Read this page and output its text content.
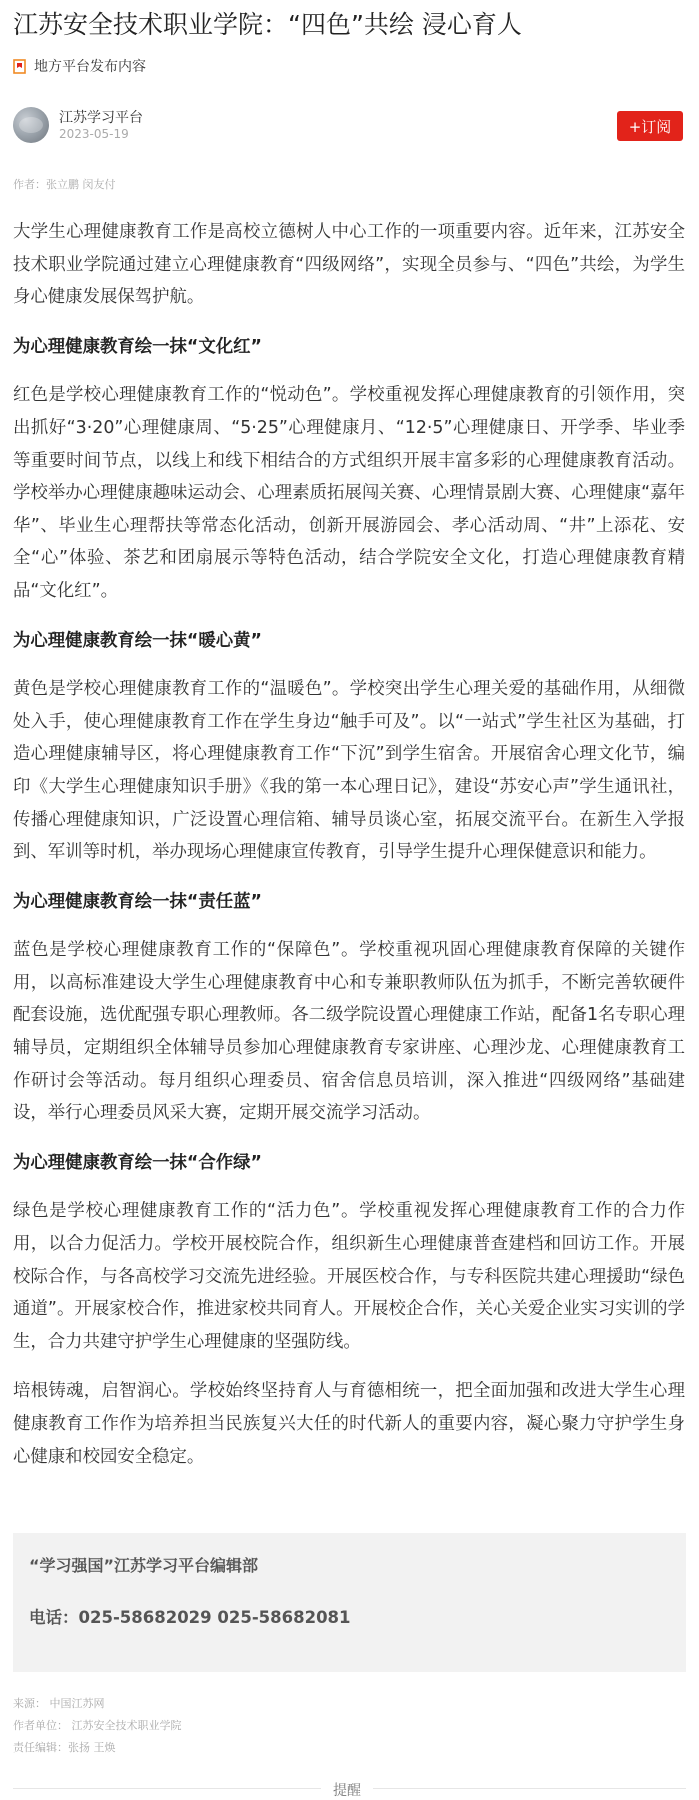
江苏安全技术职业学院：“四色”共绘 浸心育人
地方平台发布内容
江苏学习平台
2023-05-19	+订阅
作者：张立鹏 闵友付

大学生心理健康教育工作是高校立德树人中心工作的一项重要内容。近年来，江苏安全技术职业学院通过建立心理健康教育“四级网络”，实现全员参与、“四色”共绘，为学生身心健康发展保驾护航。

为心理健康教育绘一抹“文化红”

红色是学校心理健康教育工作的“悦动色”。学校重视发挥心理健康教育的引领作用，突出抓好“3·20”心理健康周、“5·25”心理健康月、“12·5”心理健康日、开学季、毕业季等重要时间节点，以线上和线下相结合的方式组织开展丰富多彩的心理健康教育活动。学校举办心理健康趣味运动会、心理素质拓展闯关赛、心理情景剧大赛、心理健康“嘉年华”、毕业生心理帮扶等常态化活动，创新开展游园会、孝心活动周、“井”上添花、安全“心”体验、茶艺和团扇展示等特色活动，结合学院安全文化，打造心理健康教育精品“文化红”。

为心理健康教育绘一抹“暖心黄”

黄色是学校心理健康教育工作的“温暖色”。学校突出学生心理关爱的基础作用，从细微处入手，使心理健康教育工作在学生身边“触手可及”。以“一站式”学生社区为基础，打造心理健康辅导区，将心理健康教育工作“下沉”到学生宿舍。开展宿舍心理文化节，编印《大学生心理健康知识手册》《我的第一本心理日记》，建设“苏安心声”学生通讯社，传播心理健康知识，广泛设置心理信箱、辅导员谈心室，拓展交流平台。在新生入学报到、军训等时机，举办现场心理健康宣传教育，引导学生提升心理保健意识和能力。

为心理健康教育绘一抹“责任蓝”

蓝色是学校心理健康教育工作的“保障色”。学校重视巩固心理健康教育保障的关键作用，以高标准建设大学生心理健康教育中心和专兼职教师队伍为抓手，不断完善软硬件配套设施，选优配强专职心理教师。各二级学院设置心理健康工作站，配备1名专职心理辅导员，定期组织全体辅导员参加心理健康教育专家讲座、心理沙龙、心理健康教育工作研讨会等活动。每月组织心理委员、宿舍信息员培训，深入推进“四级网络”基础建设，举行心理委员风采大赛，定期开展交流学习活动。

为心理健康教育绘一抹“合作绿”

绿色是学校心理健康教育工作的“活力色”。学校重视发挥心理健康教育工作的合力作用，以合力促活力。学校开展校院合作，组织新生心理健康普查建档和回访工作。开展校际合作，与各高校学习交流先进经验。开展医校合作，与专科医院共建心理援助“绿色通道”。开展家校合作，推进家校共同育人。开展校企合作，关心关爱企业实习实训的学生，合力共建守护学生心理健康的坚强防线。

培根铸魂，启智润心。学校始终坚持育人与育德相统一，把全面加强和改进大学生心理健康教育工作作为培养担当民族复兴大任的时代新人的重要内容，凝心聚力守护学生身心健康和校园安全稳定。

“学习强国”江苏学习平台编辑部
电话：025-58682029 025-58682081
来源： 中国江苏网
作者单位： 江苏安全技术职业学院
责任编辑：张扬 王焕
提醒
